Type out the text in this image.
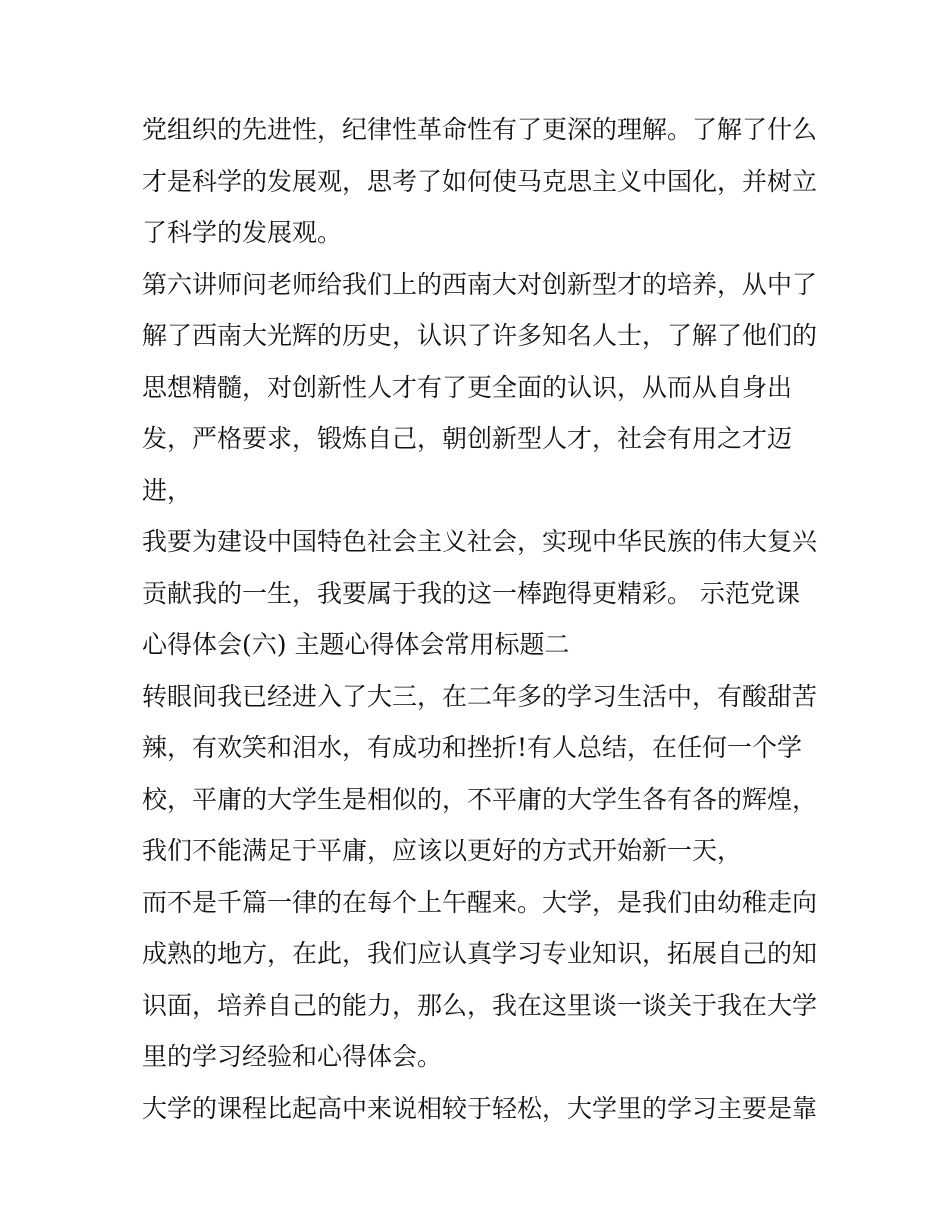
党组织的先进性，纪律性革命性有了更深的理解。了解了什么
才是科学的发展观，思考了如何使马克思主义中国化，并树立
了科学的发展观。
第六讲师问老师给我们上的西南大对创新型才的培养，从中了
解了西南大光辉的历史，认识了许多知名人士，了解了他们的
思想精髓，对创新性人才有了更全面的认识，从而从自身出
发，严格要求，锻炼自己，朝创新型人才，社会有用之才迈
进，
我要为建设中国特色社会主义社会，实现中华民族的伟大复兴
贡献我的一生，我要属于我的这一棒跑得更精彩。 示范党课
心得体会(六) 主题心得体会常用标题二
转眼间我已经进入了大三，在二年多的学习生活中，有酸甜苦
辣，有欢笑和泪水，有成功和挫折!有人总结，在任何一个学
校，平庸的大学生是相似的，不平庸的大学生各有各的辉煌，
我们不能满足于平庸，应该以更好的方式开始新一天，
而不是千篇一律的在每个上午醒来。大学，是我们由幼稚走向
成熟的地方，在此，我们应认真学习专业知识，拓展自己的知
识面，培养自己的能力，那么，我在这里谈一谈关于我在大学
里的学习经验和心得体会。
大学的课程比起高中来说相较于轻松，大学里的学习主要是靠
